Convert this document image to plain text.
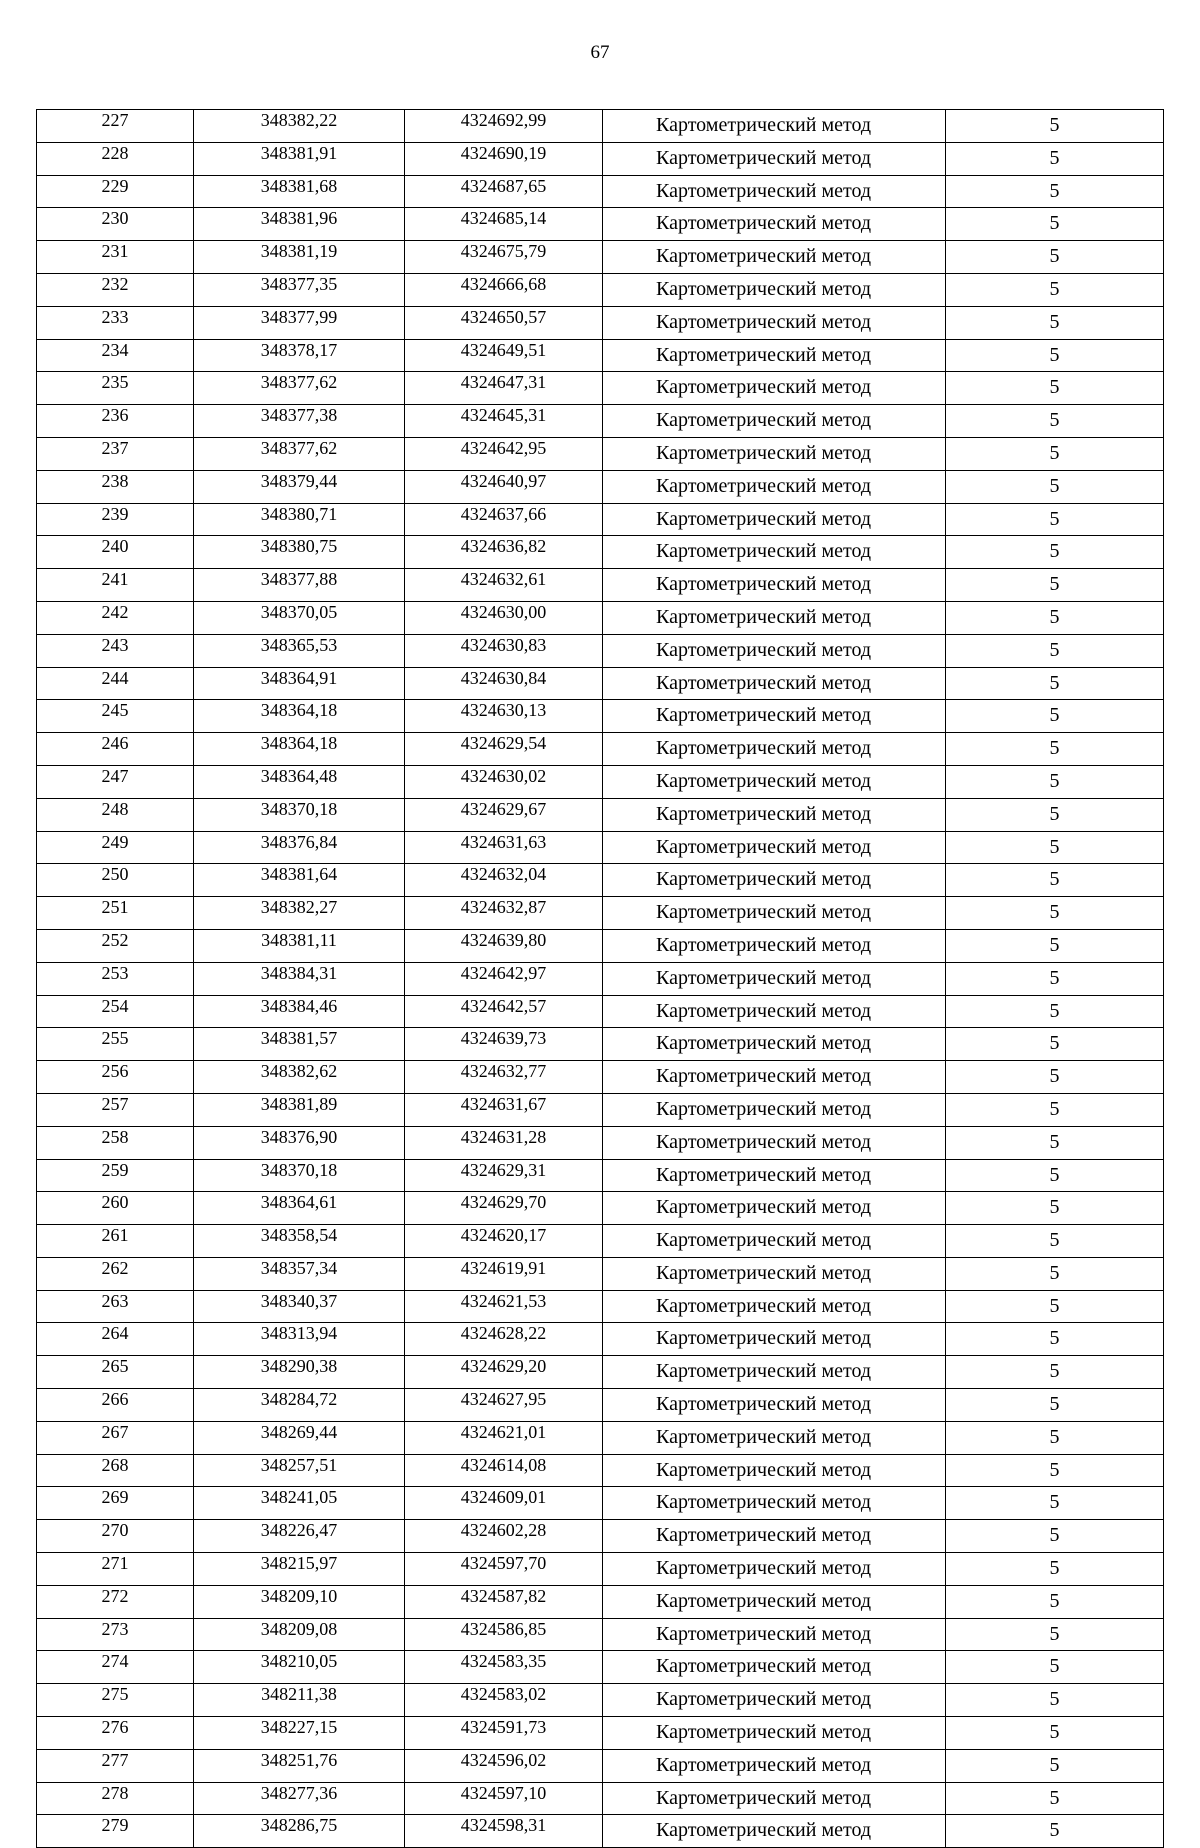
67
227	348382,22	4324692,99	Картометрический метод	5
228	348381,91	4324690,19	Картометрический метод	5
229	348381,68	4324687,65	Картометрический метод	5
230	348381,96	4324685,14	Картометрический метод	5
231	348381,19	4324675,79	Картометрический метод	5
232	348377,35	4324666,68	Картометрический метод	5
233	348377,99	4324650,57	Картометрический метод	5
234	348378,17	4324649,51	Картометрический метод	5
235	348377,62	4324647,31	Картометрический метод	5
236	348377,38	4324645,31	Картометрический метод	5
237	348377,62	4324642,95	Картометрический метод	5
238	348379,44	4324640,97	Картометрический метод	5
239	348380,71	4324637,66	Картометрический метод	5
240	348380,75	4324636,82	Картометрический метод	5
241	348377,88	4324632,61	Картометрический метод	5
242	348370,05	4324630,00	Картометрический метод	5
243	348365,53	4324630,83	Картометрический метод	5
244	348364,91	4324630,84	Картометрический метод	5
245	348364,18	4324630,13	Картометрический метод	5
246	348364,18	4324629,54	Картометрический метод	5
247	348364,48	4324630,02	Картометрический метод	5
248	348370,18	4324629,67	Картометрический метод	5
249	348376,84	4324631,63	Картометрический метод	5
250	348381,64	4324632,04	Картометрический метод	5
251	348382,27	4324632,87	Картометрический метод	5
252	348381,11	4324639,80	Картометрический метод	5
253	348384,31	4324642,97	Картометрический метод	5
254	348384,46	4324642,57	Картометрический метод	5
255	348381,57	4324639,73	Картометрический метод	5
256	348382,62	4324632,77	Картометрический метод	5
257	348381,89	4324631,67	Картометрический метод	5
258	348376,90	4324631,28	Картометрический метод	5
259	348370,18	4324629,31	Картометрический метод	5
260	348364,61	4324629,70	Картометрический метод	5
261	348358,54	4324620,17	Картометрический метод	5
262	348357,34	4324619,91	Картометрический метод	5
263	348340,37	4324621,53	Картометрический метод	5
264	348313,94	4324628,22	Картометрический метод	5
265	348290,38	4324629,20	Картометрический метод	5
266	348284,72	4324627,95	Картометрический метод	5
267	348269,44	4324621,01	Картометрический метод	5
268	348257,51	4324614,08	Картометрический метод	5
269	348241,05	4324609,01	Картометрический метод	5
270	348226,47	4324602,28	Картометрический метод	5
271	348215,97	4324597,70	Картометрический метод	5
272	348209,10	4324587,82	Картометрический метод	5
273	348209,08	4324586,85	Картометрический метод	5
274	348210,05	4324583,35	Картометрический метод	5
275	348211,38	4324583,02	Картометрический метод	5
276	348227,15	4324591,73	Картометрический метод	5
277	348251,76	4324596,02	Картометрический метод	5
278	348277,36	4324597,10	Картометрический метод	5
279	348286,75	4324598,31	Картометрический метод	5
